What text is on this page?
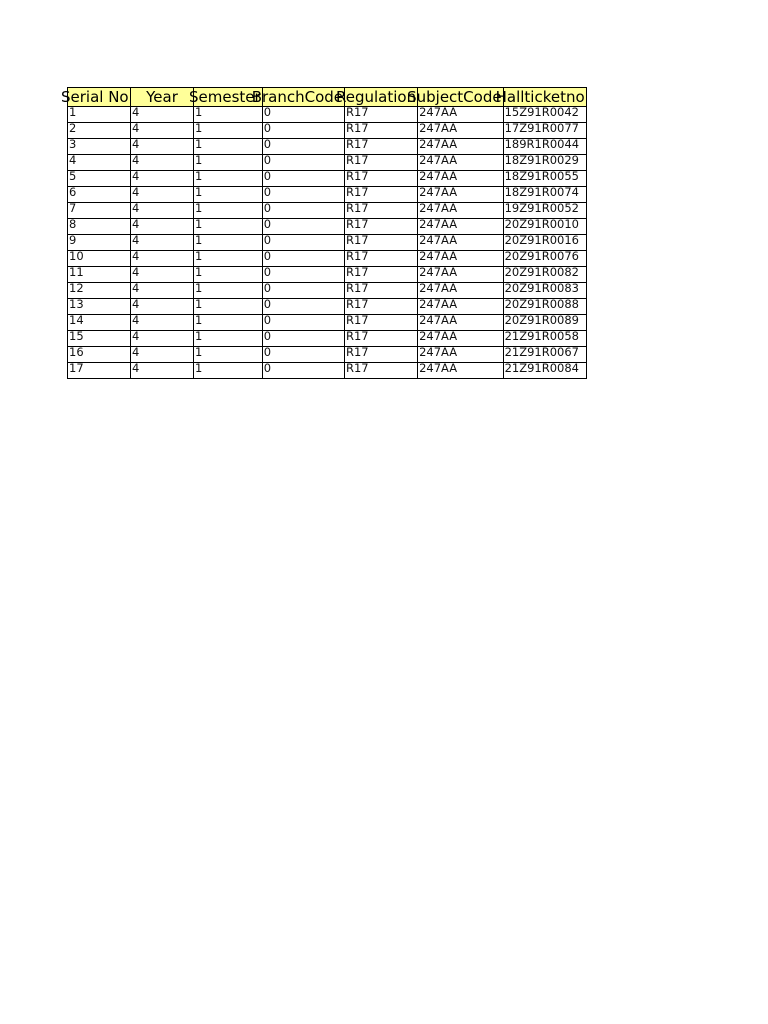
Serial No	Year	Semester	BranchCode	Regulation	SubjectCode	Hallticketno
1	4	1	0	R17	247AA	15Z91R0042
2	4	1	0	R17	247AA	17Z91R0077
3	4	1	0	R17	247AA	189R1R0044
4	4	1	0	R17	247AA	18Z91R0029
5	4	1	0	R17	247AA	18Z91R0055
6	4	1	0	R17	247AA	18Z91R0074
7	4	1	0	R17	247AA	19Z91R0052
8	4	1	0	R17	247AA	20Z91R0010
9	4	1	0	R17	247AA	20Z91R0016
10	4	1	0	R17	247AA	20Z91R0076
11	4	1	0	R17	247AA	20Z91R0082
12	4	1	0	R17	247AA	20Z91R0083
13	4	1	0	R17	247AA	20Z91R0088
14	4	1	0	R17	247AA	20Z91R0089
15	4	1	0	R17	247AA	21Z91R0058
16	4	1	0	R17	247AA	21Z91R0067
17	4	1	0	R17	247AA	21Z91R0084
